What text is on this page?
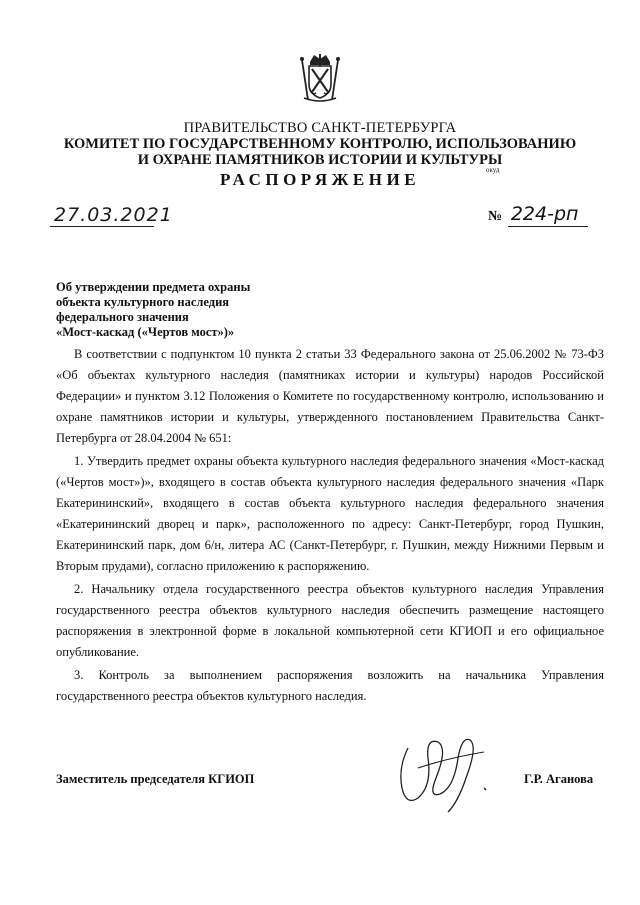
ПРАВИТЕЛЬСТВО САНКТ-ПЕТЕРБУРГА
КОМИТЕТ ПО ГОСУДАРСТВЕННОМУ КОНТРОЛЮ, ИСПОЛЬЗОВАНИЮ
И ОХРАНЕ ПАМЯТНИКОВ ИСТОРИИ И КУЛЬТУРЫ
РАСПОРЯЖЕНИЕ	окуд
27.03.2021	№ 224-рп
Об утверждении предмета охраны
объекта культурного наследия
федерального значения
«Мост-каскад («Чертов мост»)»

В соответствии с подпунктом 10 пункта 2 статьи 33 Федерального закона от 25.06.2002 № 73-ФЗ «Об объектах культурного наследия (памятниках истории и культуры) народов Российской Федерации» и пунктом 3.12 Положения о Комитете по государственному контролю, использованию и охране памятников истории и культуры, утвержденного постановлением Правительства Санкт-Петербурга от 28.04.2004 № 651:

1. Утвердить предмет охраны объекта культурного наследия федерального значения «Мост-каскад («Чертов мост»)», входящего в состав объекта культурного наследия федерального значения «Парк Екатерининский», входящего в состав объекта культурного наследия федерального значения «Екатерининский дворец и парк», расположенного по адресу: Санкт-Петербург, город Пушкин, Екатерининский парк, дом 6/н, литера АС (Санкт-Петербург, г. Пушкин, между Нижними Первым и Вторым прудами), согласно приложению к распоряжению.

2. Начальнику отдела государственного реестра объектов культурного наследия Управления государственного реестра объектов культурного наследия обеспечить размещение настоящего распоряжения в электронной форме в локальной компьютерной сети КГИОП и его официальное опубликование.

3. Контроль за выполнением распоряжения возложить на начальника Управления государственного реестра объектов культурного наследия.

Заместитель председателя КГИОП	Г.Р. Аганова
